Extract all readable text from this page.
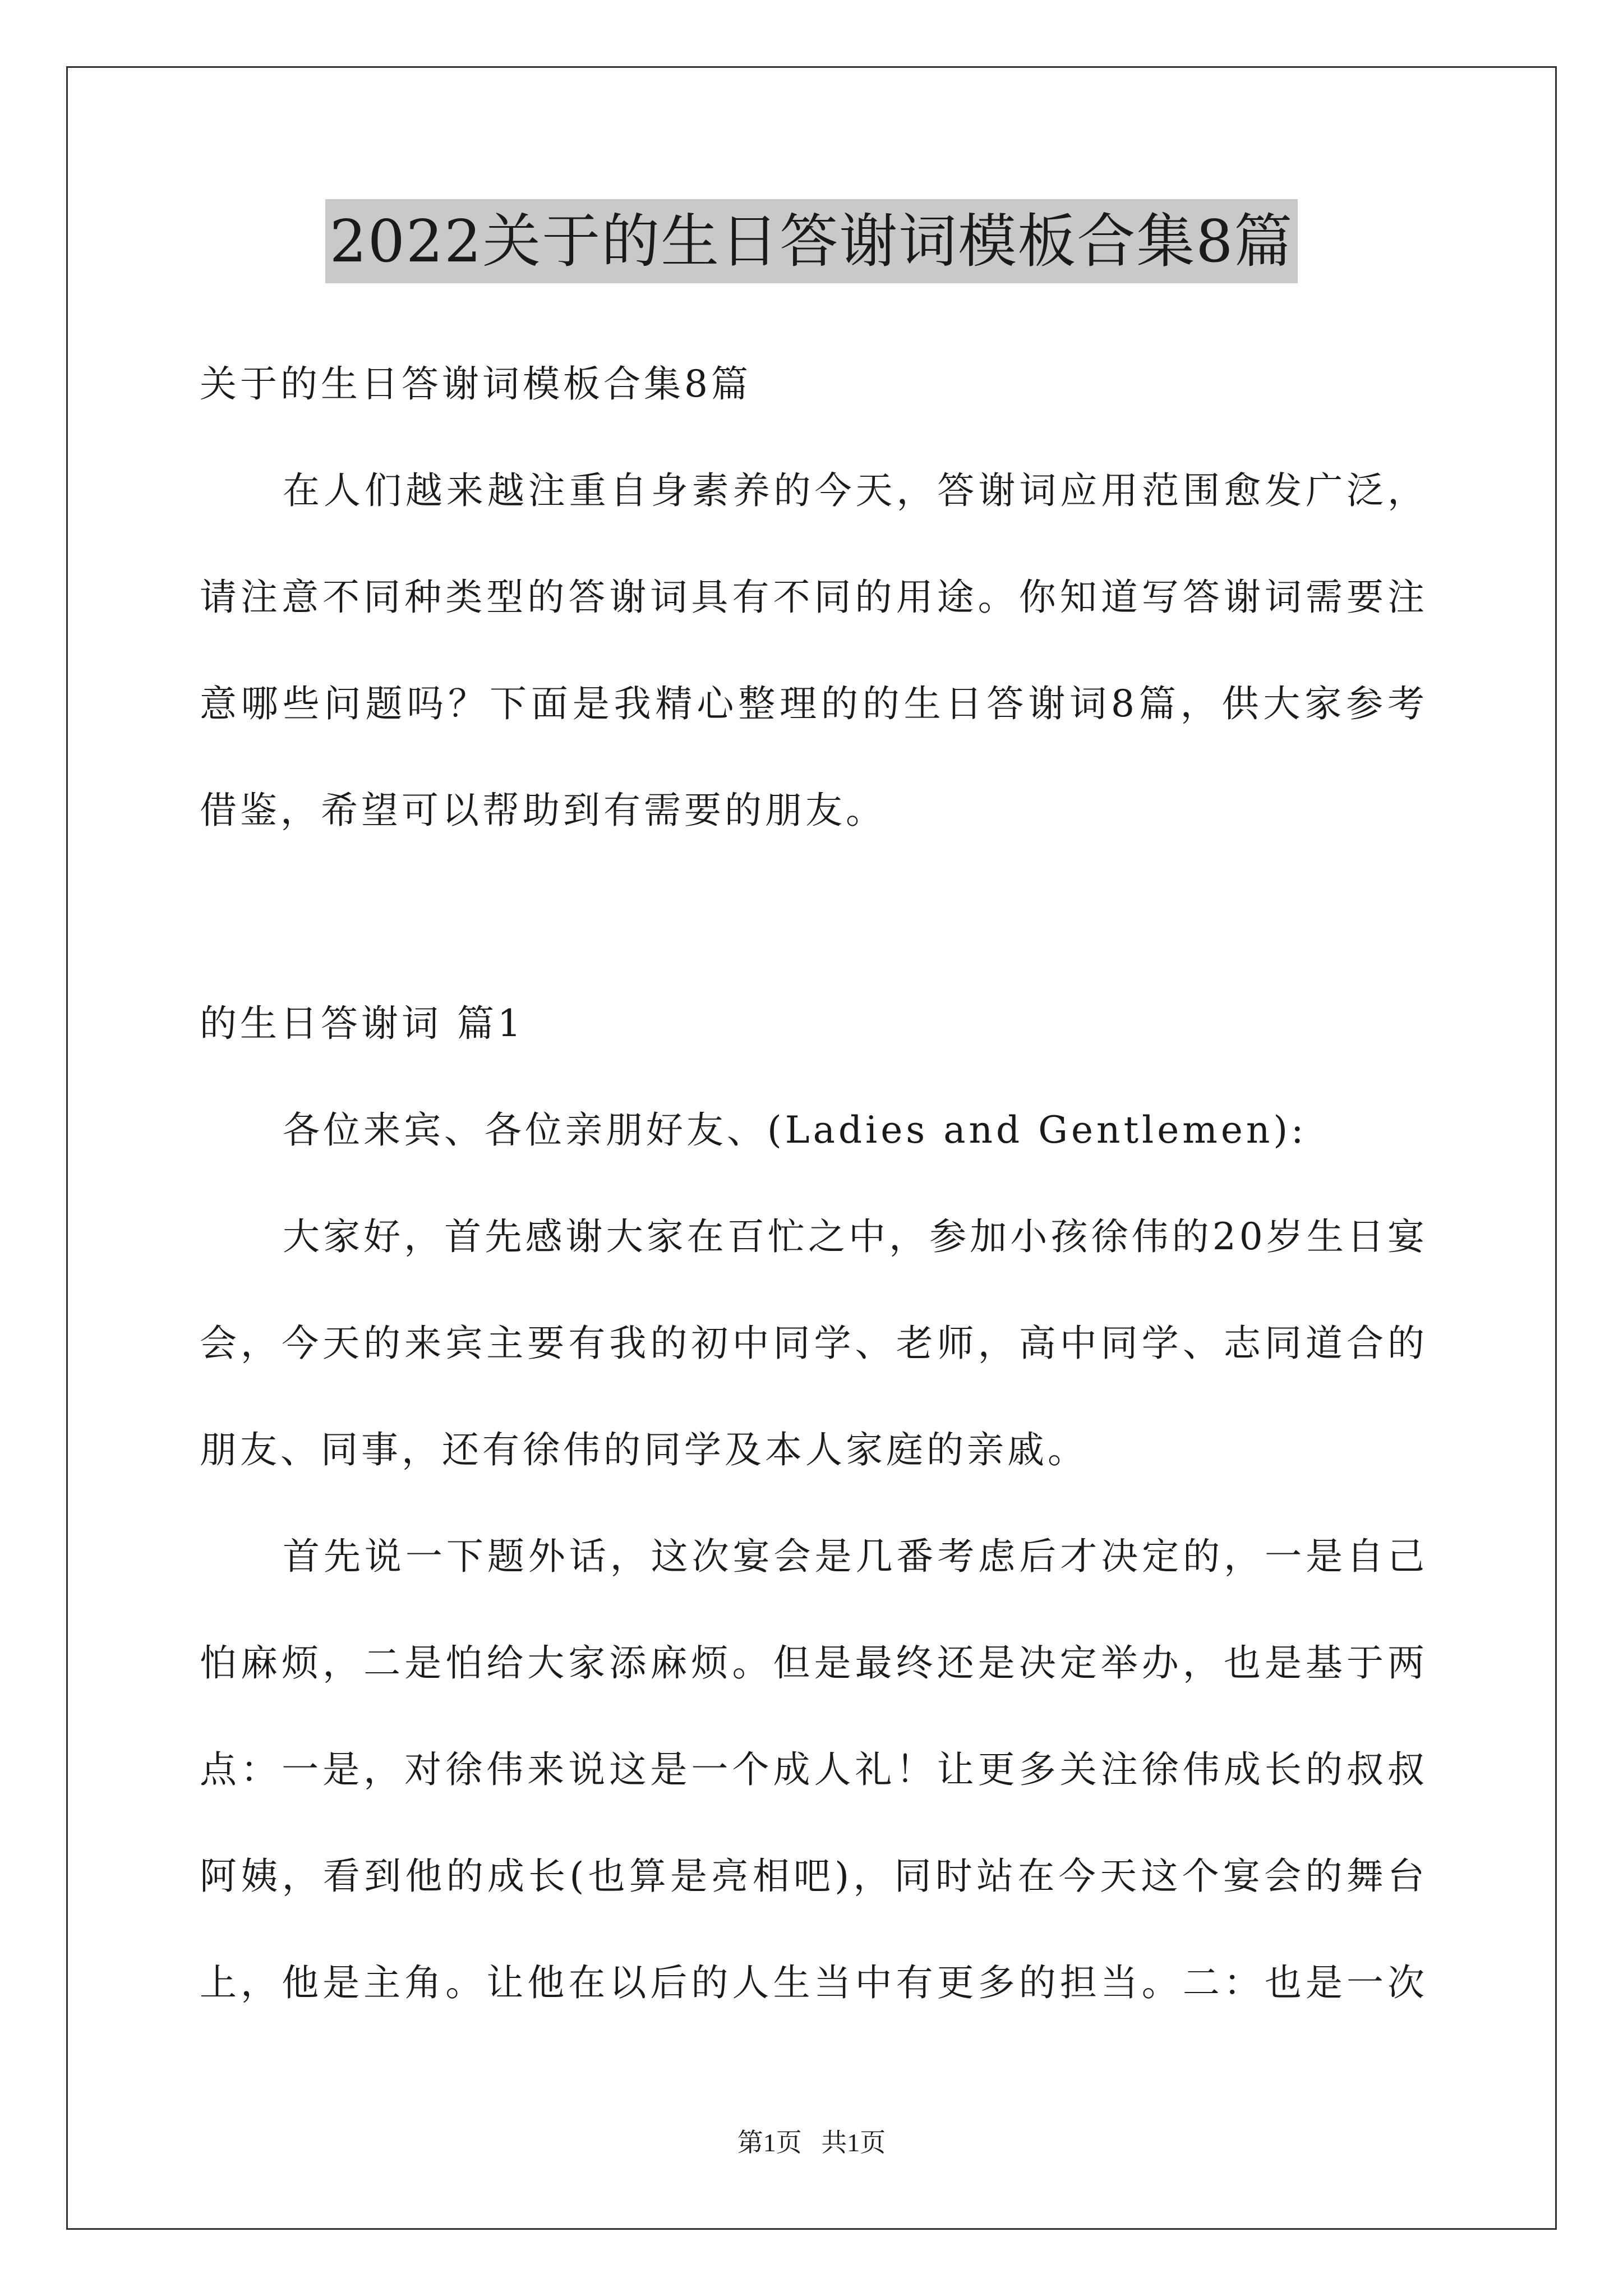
2022关于的生日答谢词模板合集8篇
关于的生日答谢词模板合集8篇
在人们越来越注重自身素养的今天，答谢词应用范围愈发广泛，
请注意不同种类型的答谢词具有不同的用途。你知道写答谢词需要注
意哪些问题吗？下面是我精心整理的的生日答谢词8篇，供大家参考
借鉴，希望可以帮助到有需要的朋友。
的生日答谢词 篇1
各位来宾、各位亲朋好友、(Ladies and Gentlemen):
大家好，首先感谢大家在百忙之中，参加小孩徐伟的20岁生日宴
会，今天的来宾主要有我的初中同学、老师，高中同学、志同道合的
朋友、同事，还有徐伟的同学及本人家庭的亲戚。
首先说一下题外话，这次宴会是几番考虑后才决定的，一是自己
怕麻烦，二是怕给大家添麻烦。但是最终还是决定举办，也是基于两
点：一是，对徐伟来说这是一个成人礼！让更多关注徐伟成长的叔叔
阿姨，看到他的成长(也算是亮相吧)，同时站在今天这个宴会的舞台
上，他是主角。让他在以后的人生当中有更多的担当。二：也是一次
第1页   共1页
